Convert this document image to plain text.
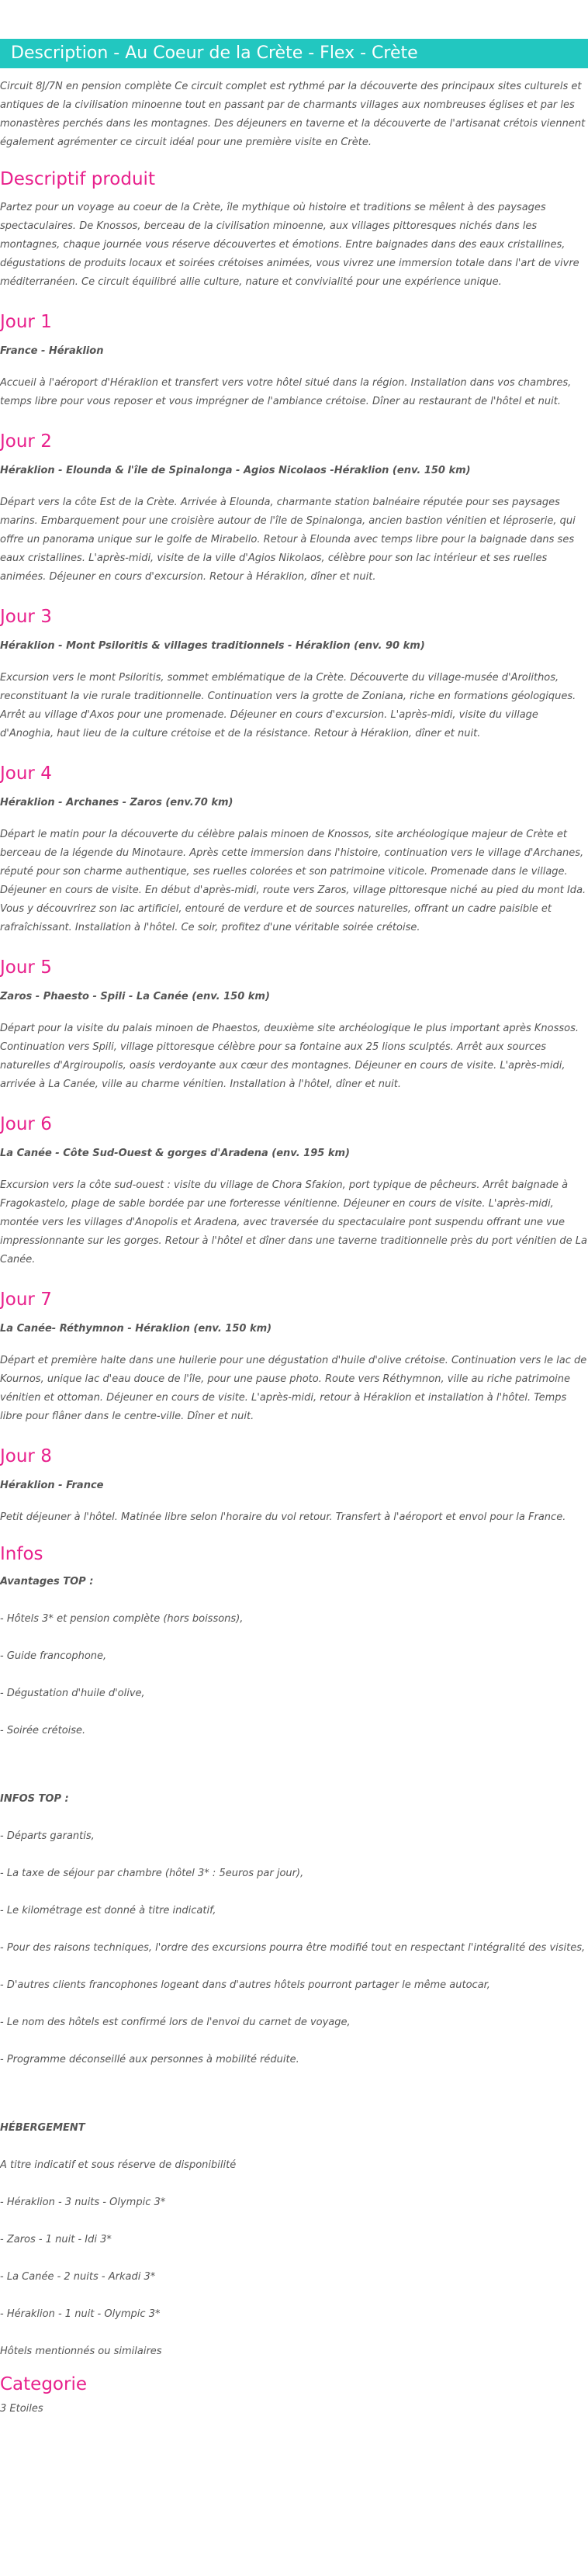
Description - Au Coeur de la Crète - Flex - Crète

Circuit 8J/7N en pension complète Ce circuit complet est rythmé par la découverte des principaux sites culturels et antiques de la civilisation minoenne tout en passant par de charmants villages aux nombreuses églises et par les monastères perchés dans les montagnes. Des déjeuners en taverne et la découverte de l'artisanat crétois viennent également agrémenter ce circuit idéal pour une première visite en Crète.

Descriptif produit

Partez pour un voyage au coeur de la Crète, île mythique où histoire et traditions se mêlent à des paysages spectaculaires. De Knossos, berceau de la civilisation minoenne, aux villages pittoresques nichés dans les montagnes, chaque journée vous réserve découvertes et émotions. Entre baignades dans des eaux cristallines, dégustations de produits locaux et soirées crétoises animées, vous vivrez une immersion totale dans l'art de vivre méditerranéen. Ce circuit équilibré allie culture, nature et convivialité pour une expérience unique.

Jour 1

France - Héraklion

Accueil à l'aéroport d'Héraklion et transfert vers votre hôtel situé dans la région. Installation dans vos chambres, temps libre pour vous reposer et vous imprégner de l'ambiance crétoise. Dîner au restaurant de l'hôtel et nuit.

Jour 2

Héraklion - Elounda & l'île de Spinalonga - Agios Nicolaos -Héraklion (env. 150 km)

Départ vers la côte Est de la Crète. Arrivée à Elounda, charmante station balnéaire réputée pour ses paysages marins. Embarquement pour une croisière autour de l'île de Spinalonga, ancien bastion vénitien et léproserie, qui offre un panorama unique sur le golfe de Mirabello. Retour à Elounda avec temps libre pour la baignade dans ses eaux cristallines. L'après-midi, visite de la ville d'Agios Nikolaos, célèbre pour son lac intérieur et ses ruelles animées. Déjeuner en cours d'excursion. Retour à Héraklion, dîner et nuit.

Jour 3

Héraklion - Mont Psiloritis & villages traditionnels - Héraklion (env. 90 km)

Excursion vers le mont Psiloritis, sommet emblématique de la Crète. Découverte du village-musée d'Arolithos, reconstituant la vie rurale traditionnelle. Continuation vers la grotte de Zoniana, riche en formations géologiques. Arrêt au village d'Axos pour une promenade. Déjeuner en cours d'excursion. L'après-midi, visite du village d'Anoghia, haut lieu de la culture crétoise et de la résistance. Retour à Héraklion, dîner et nuit.

Jour 4

Héraklion - Archanes - Zaros (env.70 km)

Départ le matin pour la découverte du célèbre palais minoen de Knossos, site archéologique majeur de Crète et berceau de la légende du Minotaure. Après cette immersion dans l'histoire, continuation vers le village d'Archanes, réputé pour son charme authentique, ses ruelles colorées et son patrimoine viticole. Promenade dans le village. Déjeuner en cours de visite. En début d'après-midi, route vers Zaros, village pittoresque niché au pied du mont Ida. Vous y découvrirez son lac artificiel, entouré de verdure et de sources naturelles, offrant un cadre paisible et rafraîchissant. Installation à l'hôtel. Ce soir, profitez d'une véritable soirée crétoise.

Jour 5

Zaros - Phaesto - Spili - La Canée (env. 150 km)

Départ pour la visite du palais minoen de Phaestos, deuxième site archéologique le plus important après Knossos. Continuation vers Spili, village pittoresque célèbre pour sa fontaine aux 25 lions sculptés. Arrêt aux sources naturelles d'Argiroupolis, oasis verdoyante aux cœur des montagnes. Déjeuner en cours de visite. L'après-midi, arrivée à La Canée, ville au charme vénitien. Installation à l'hôtel, dîner et nuit.

Jour 6

La Canée - Côte Sud-Ouest & gorges d'Aradena (env. 195 km)

Excursion vers la côte sud-ouest : visite du village de Chora Sfakion, port typique de pêcheurs. Arrêt baignade à Fragokastelo, plage de sable bordée par une forteresse vénitienne. Déjeuner en cours de visite. L'après-midi, montée vers les villages d'Anopolis et Aradena, avec traversée du spectaculaire pont suspendu offrant une vue impressionnante sur les gorges. Retour à l'hôtel et dîner dans une taverne traditionnelle près du port vénitien de La Canée.

Jour 7

La Canée- Réthymnon - Héraklion (env. 150 km)

Départ et première halte dans une huilerie pour une dégustation d'huile d'olive crétoise. Continuation vers le lac de Kournos, unique lac d'eau douce de l'île, pour une pause photo. Route vers Réthymnon, ville au riche patrimoine vénitien et ottoman. Déjeuner en cours de visite. L'après-midi, retour à Héraklion et installation à l'hôtel. Temps libre pour flâner dans le centre-ville. Dîner et nuit.

Jour 8

Héraklion - France

Petit déjeuner à l'hôtel. Matinée libre selon l'horaire du vol retour. Transfert à l'aéroport et envol pour la France.

Infos

Avantages TOP :

- Hôtels 3* et pension complète (hors boissons),

- Guide francophone,

- Dégustation d'huile d'olive,

- Soirée crétoise.

INFOS TOP :

- Départs garantis,

- La taxe de séjour par chambre (hôtel 3* : 5euros par jour),

- Le kilométrage est donné à titre indicatif,

- Pour des raisons techniques, l'ordre des excursions pourra être modifié tout en respectant l'intégralité des visites,

- D'autres clients francophones logeant dans d'autres hôtels pourront partager le même autocar,

- Le nom des hôtels est confirmé lors de l'envoi du carnet de voyage,

- Programme déconseillé aux personnes à mobilité réduite.

HÉBERGEMENT

A titre indicatif et sous réserve de disponibilité

- Héraklion - 3 nuits - Olympic 3*

- Zaros - 1 nuit - Idi 3*

- La Canée - 2 nuits - Arkadi 3*

- Héraklion - 1 nuit - Olympic 3*

Hôtels mentionnés ou similaires

Categorie

3 Etoiles
